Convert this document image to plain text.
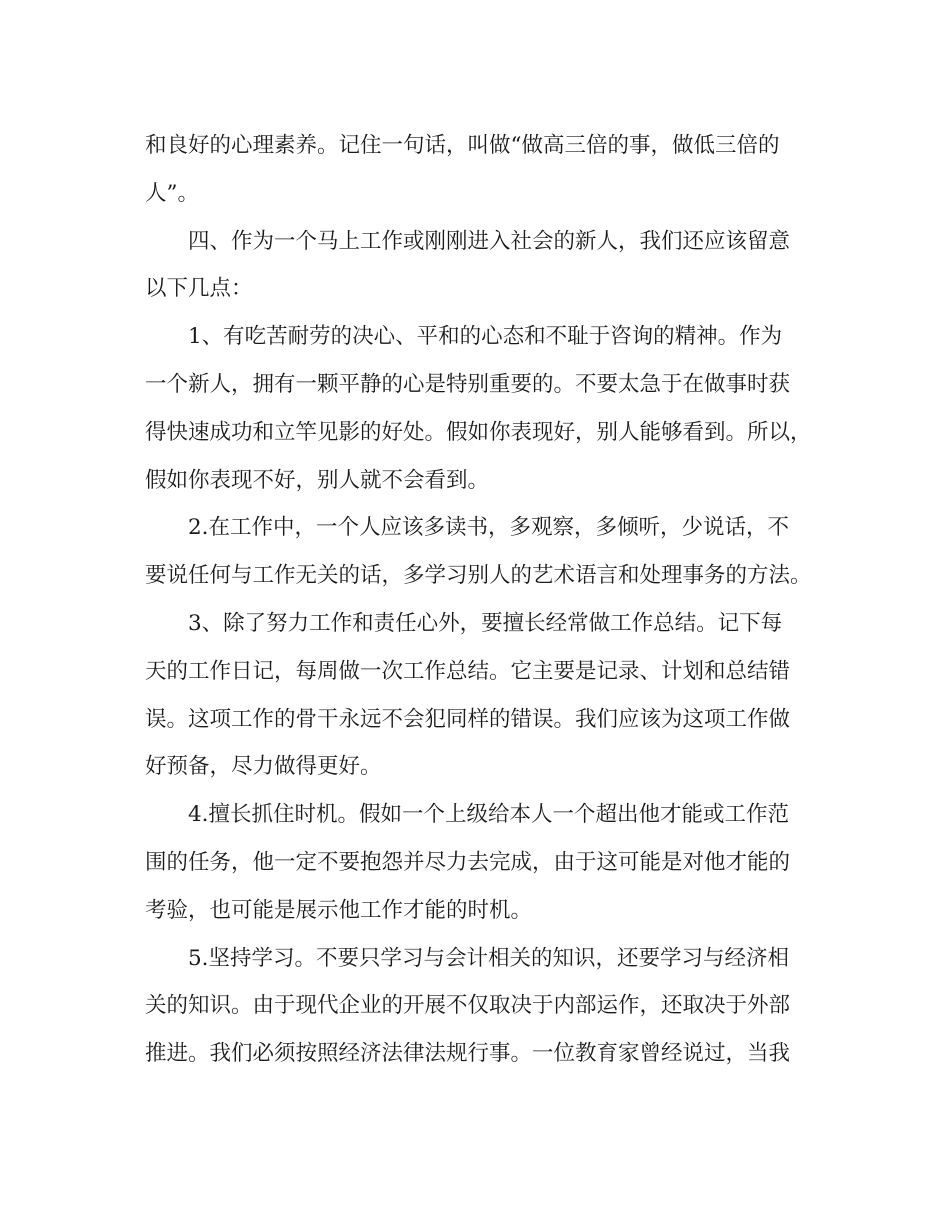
和良好的心理素养。记住一句话，叫做“做高三倍的事，做低三倍的
人”。

四、作为一个马上工作或刚刚进入社会的新人，我们还应该留意
以下几点：

1、有吃苦耐劳的决心、平和的心态和不耻于咨询的精神。作为
一个新人，拥有一颗平静的心是特别重要的。不要太急于在做事时获
得快速成功和立竿见影的好处。假如你表现好，别人能够看到。所以，
假如你表现不好，别人就不会看到。

2.在工作中，一个人应该多读书，多观察，多倾听，少说话，不
要说任何与工作无关的话，多学习别人的艺术语言和处理事务的方法。

3、除了努力工作和责任心外，要擅长经常做工作总结。记下每
天的工作日记，每周做一次工作总结。它主要是记录、计划和总结错
误。这项工作的骨干永远不会犯同样的错误。我们应该为这项工作做
好预备，尽力做得更好。

4.擅长抓住时机。假如一个上级给本人一个超出他才能或工作范
围的任务，他一定不要抱怨并尽力去完成，由于这可能是对他才能的
考验，也可能是展示他工作才能的时机。

5.坚持学习。不要只学习与会计相关的知识，还要学习与经济相
关的知识。由于现代企业的开展不仅取决于内部运作，还取决于外部
推进。我们必须按照经济法律法规行事。一位教育家曾经说过，当我
